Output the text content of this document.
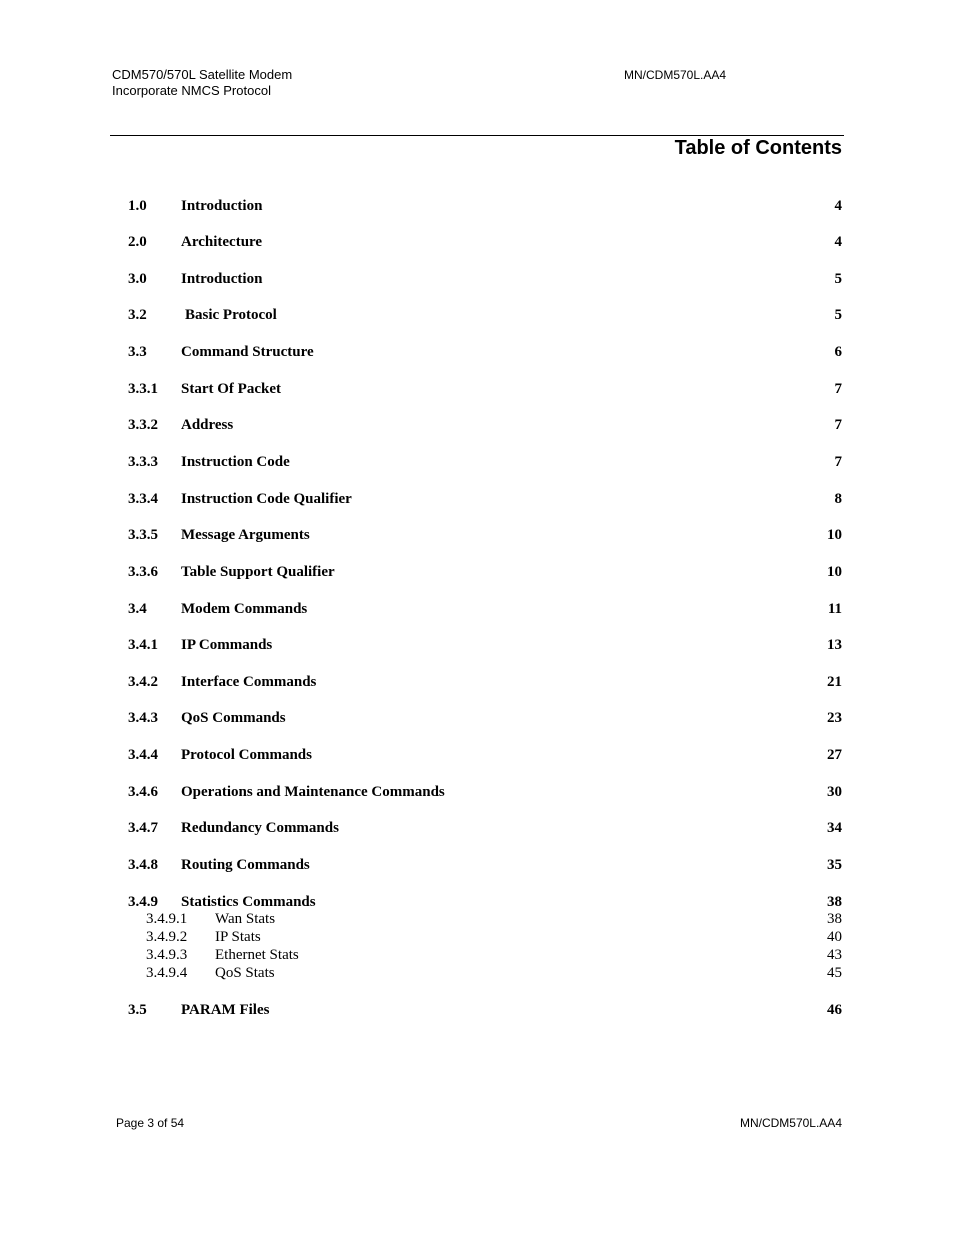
CDM570/570L Satellite Modem
Incorporate NMCS Protocol
MN/CDM570L.AA4
Table of Contents
1.0 Introduction	4
2.0 Architecture	4
3.0 Introduction	5
3.2	Basic Protocol	5
3.3 Command Structure	6
3.3.1 Start Of Packet	7
3.3.2 Address	7
3.3.3 Instruction Code	7
3.3.4 Instruction Code Qualifier	8
3.3.5 Message Arguments	10
3.3.6 Table Support Qualifier	10
3.4 Modem Commands	11
3.4.1 IP Commands	13
3.4.2 Interface Commands	21
3.4.3 QoS Commands	23
3.4.4 Protocol Commands	27
3.4.6 Operations and Maintenance Commands	30
3.4.7 Redundancy Commands	34
3.4.8 Routing Commands	35
3.4.9 Statistics Commands	38
3.4.9.1 Wan Stats	38
3.4.9.2 IP Stats	40
3.4.9.3 Ethernet Stats	43
3.4.9.4 QoS Stats	45
3.5 PARAM Files	46
Page 3 of 54	MN/CDM570L.AA4
